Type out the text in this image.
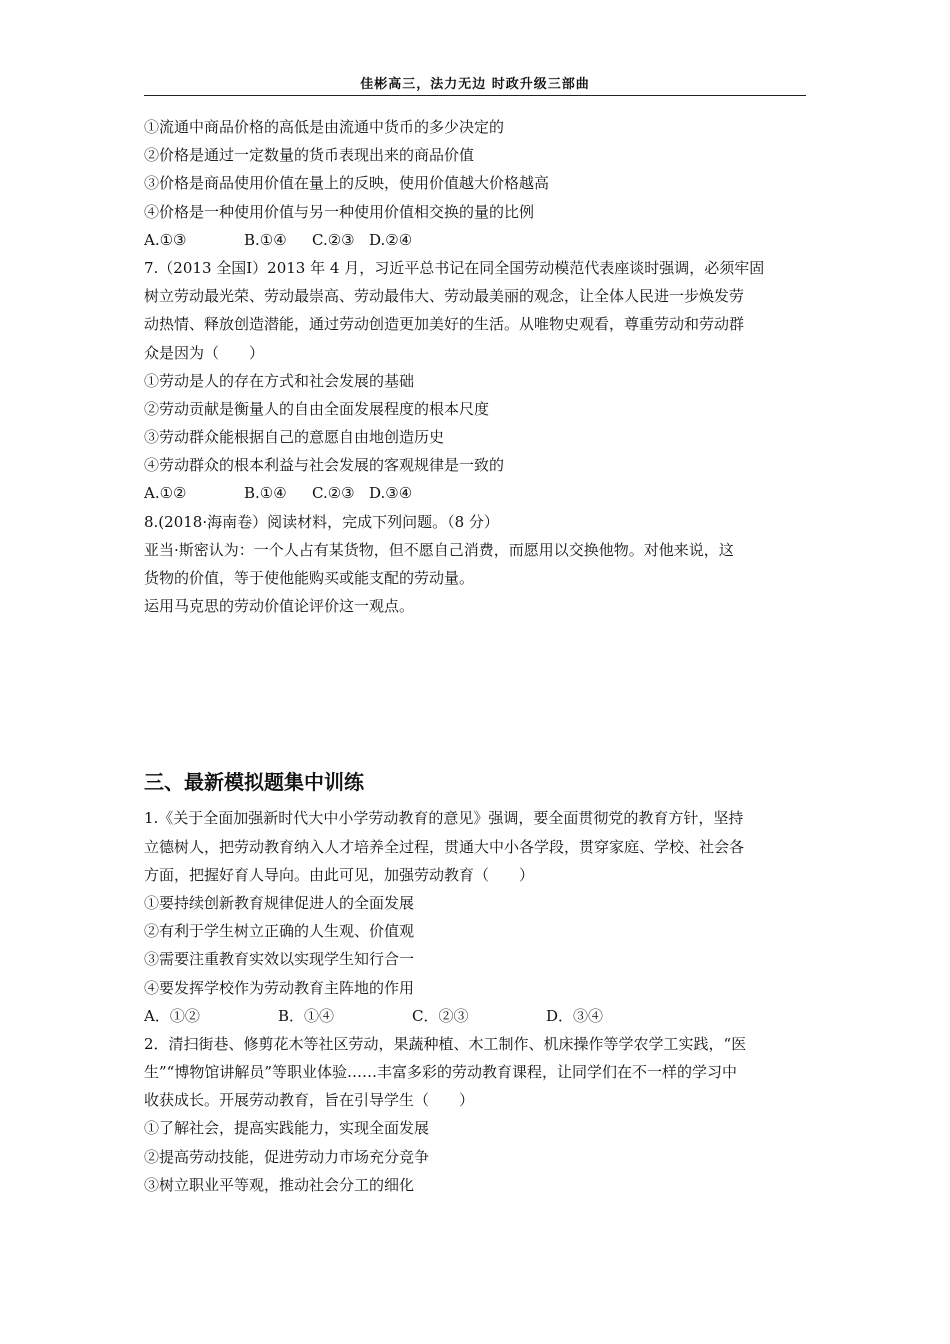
佳彬高三，法力无边 时政升级三部曲
①流通中商品价格的高低是由流通中货币的多少决定的
②价格是通过一定数量的货币表现出来的商品价值
③价格是商品使用价值在量上的反映，使用价值越大价格越高
④价格是一种使用价值与另一种使用价值相交换的量的比例
A.①③	B.①④	C.②③ D.②④
7.（2013 全国I）2013 年 4 月，习近平总书记在同全国劳动模范代表座谈时强调，必须牢固
树立劳动最光荣、劳动最崇高、劳动最伟大、劳动最美丽的观念，让全体人民进一步焕发劳
动热情、释放创造潜能，通过劳动创造更加美好的生活。从唯物史观看，尊重劳动和劳动群
众是因为（　　）
①劳动是人的存在方式和社会发展的基础
②劳动贡献是衡量人的自由全面发展程度的根本尺度
③劳动群众能根据自己的意愿自由地创造历史
④劳动群众的根本利益与社会发展的客观规律是一致的
A.①②	B.①④	C.②③ D.③④
8.(2018·海南卷）阅读材料，完成下列问题。（8 分）
亚当·斯密认为：一个人占有某货物，但不愿自己消费，而愿用以交换他物。对他来说，这
货物的价值，等于使他能购买或能支配的劳动量。
运用马克思的劳动价值论评价这一观点。
三、最新模拟题集中训练
1.《关于全面加强新时代大中小学劳动教育的意见》强调，要全面贯彻党的教育方针，坚持
立德树人，把劳动教育纳入人才培养全过程，贯通大中小各学段，贯穿家庭、学校、社会各
方面，把握好育人导向。由此可见，加强劳动教育（　　）
①要持续创新教育规律促进人的全面发展
②有利于学生树立正确的人生观、价值观
③需要注重教育实效以实现学生知行合一
④要发挥学校作为劳动教育主阵地的作用
A．①②	B．①④	C．②③	D．③④
2．清扫街巷、修剪花木等社区劳动，果蔬种植、木工制作、机床操作等学农学工实践，“医
生”“博物馆讲解员”等职业体验……丰富多彩的劳动教育课程，让同学们在不一样的学习中
收获成长。开展劳动教育，旨在引导学生（　　）
①了解社会，提高实践能力，实现全面发展
②提高劳动技能，促进劳动力市场充分竞争
③树立职业平等观，推动社会分工的细化
